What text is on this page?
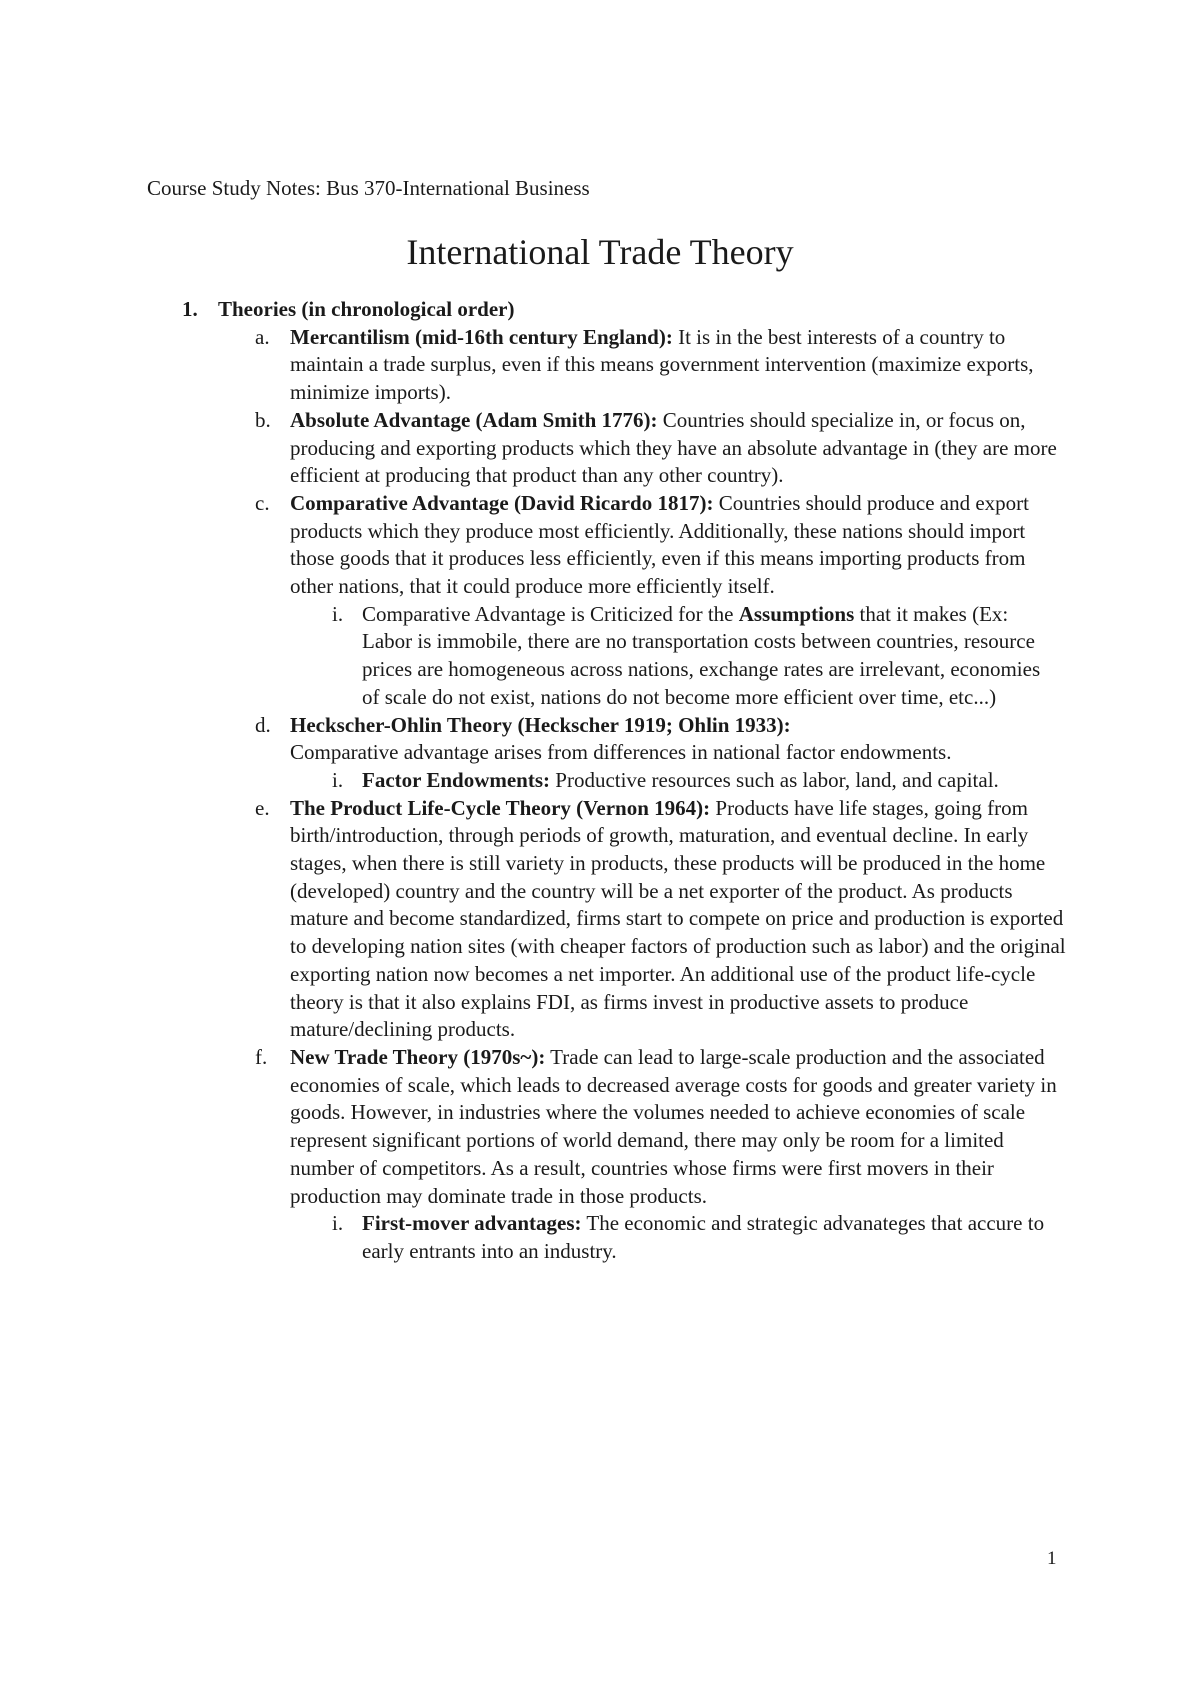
Course Study Notes: Bus 370-International Business
International Trade Theory
1. Theories (in chronological order)
a. Mercantilism (mid-16th century England): It is in the best interests of a country to maintain a trade surplus, even if this means government intervention (maximize exports, minimize imports).
b. Absolute Advantage (Adam Smith 1776): Countries should specialize in, or focus on, producing and exporting products which they have an absolute advantage in (they are more efficient at producing that product than any other country).
c. Comparative Advantage (David Ricardo 1817): Countries should produce and export products which they produce most efficiently. Additionally, these nations should import those goods that it produces less efficiently, even if this means importing products from other nations, that it could produce more efficiently itself.
i. Comparative Advantage is Criticized for the Assumptions that it makes (Ex: Labor is immobile, there are no transportation costs between countries, resource prices are homogeneous across nations, exchange rates are irrelevant, economies of scale do not exist, nations do not become more efficient over time, etc...)
d. Heckscher-Ohlin Theory (Heckscher 1919; Ohlin 1933):
Comparative advantage arises from differences in national factor endowments.
i. Factor Endowments: Productive resources such as labor, land, and capital.
e. The Product Life-Cycle Theory (Vernon 1964): Products have life stages, going from birth/introduction, through periods of growth, maturation, and eventual decline. In early stages, when there is still variety in products, these products will be produced in the home (developed) country and the country will be a net exporter of the product. As products mature and become standardized, firms start to compete on price and production is exported to developing nation sites (with cheaper factors of production such as labor) and the original exporting nation now becomes a net importer. An additional use of the product life-cycle theory is that it also explains FDI, as firms invest in productive assets to produce mature/declining products.
f. New Trade Theory (1970s~): Trade can lead to large-scale production and the associated economies of scale, which leads to decreased average costs for goods and greater variety in goods. However, in industries where the volumes needed to achieve economies of scale represent significant portions of world demand, there may only be room for a limited number of competitors. As a result, countries whose firms were first movers in their production may dominate trade in those products.
i. First-mover advantages: The economic and strategic advanateges that accure to early entrants into an industry.
1
